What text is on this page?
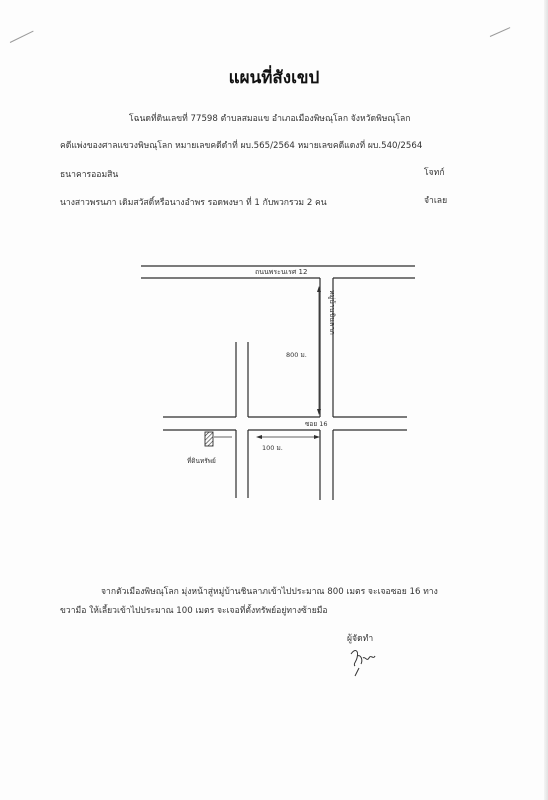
แผนที่สังเขป
โฉนดที่ดินเลขที่ 77598 ตำบลสมอแข อำเภอเมืองพิษณุโลก จังหวัดพิษณุโลก
คดีแพ่งของศาลแขวงพิษณุโลก หมายเลขคดีดำที่ ผบ.565/2564 หมายเลขคดีแดงที่ ผบ.540/2564
ธนาคารออมสิน	โจทก์
นางสาวพรนภา เดิมสวัสดิ์หรือนางอำพร รอดพงษา ที่ 1 กับพวกรวม 2 คน	จำเลย
ถนนพระนเรศ 12
หมู่บ้านชินลาภ
800 ม.
ซอย 16
100 ม.
ที่ดินทรัพย์
จากตัวเมืองพิษณุโลก มุ่งหน้าสู่หมู่บ้านชินลาภเข้าไปประมาณ 800 เมตร จะเจอซอย 16 ทาง
ขวามือ ให้เลี้ยวเข้าไปประมาณ 100 เมตร จะเจอที่ตั้งทรัพย์อยู่ทางซ้ายมือ
ผู้จัดทำ
